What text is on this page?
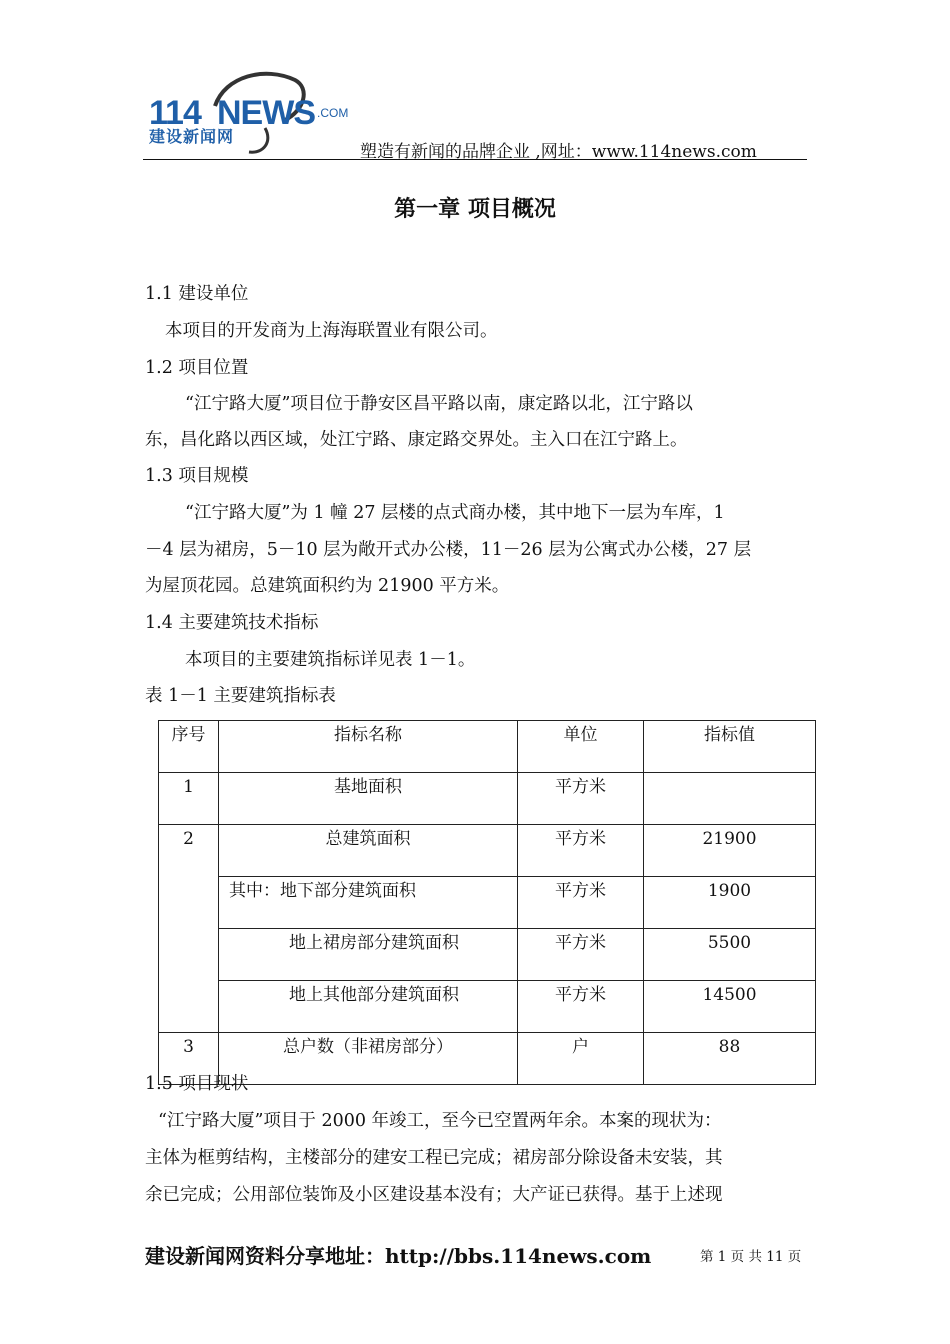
114 NEWS .COM
建设新闻网
塑造有新闻的品牌企业 ,网址：www.114news.com
第一章 项目概况
1.1 建设单位
本项目的开发商为上海海联置业有限公司。
1.2 项目位置
“江宁路大厦”项目位于静安区昌平路以南，康定路以北，江宁路以
东，昌化路以西区域，处江宁路、康定路交界处。主入口在江宁路上。
1.3 项目规模
“江宁路大厦”为 1 幢 27 层楼的点式商办楼，其中地下一层为车库，1
－4 层为裙房，5－10 层为敞开式办公楼，11－26 层为公寓式办公楼，27 层
为屋顶花园。总建筑面积约为 21900 平方米。
1.4 主要建筑技术指标
本项目的主要建筑指标详见表 1－1。
表 1－1 主要建筑指标表
序号	指标名称	单位	指标值
1	基地面积	平方米	
2	总建筑面积	平方米	21900
	其中：地下部分建筑面积	平方米	1900
	地上裙房部分建筑面积	平方米	5500
	地上其他部分建筑面积	平方米	14500
3	总户数（非裙房部分）	户	88
1.5 项目现状
“江宁路大厦”项目于 2000 年竣工，至今已空置两年余。本案的现状为：
主体为框剪结构，主楼部分的建安工程已完成；裙房部分除设备未安装，其
余已完成；公用部位装饰及小区建设基本没有；大产证已获得。基于上述现
建设新闻网资料分享地址：http://bbs.114news.com	第 1 页 共 11 页
